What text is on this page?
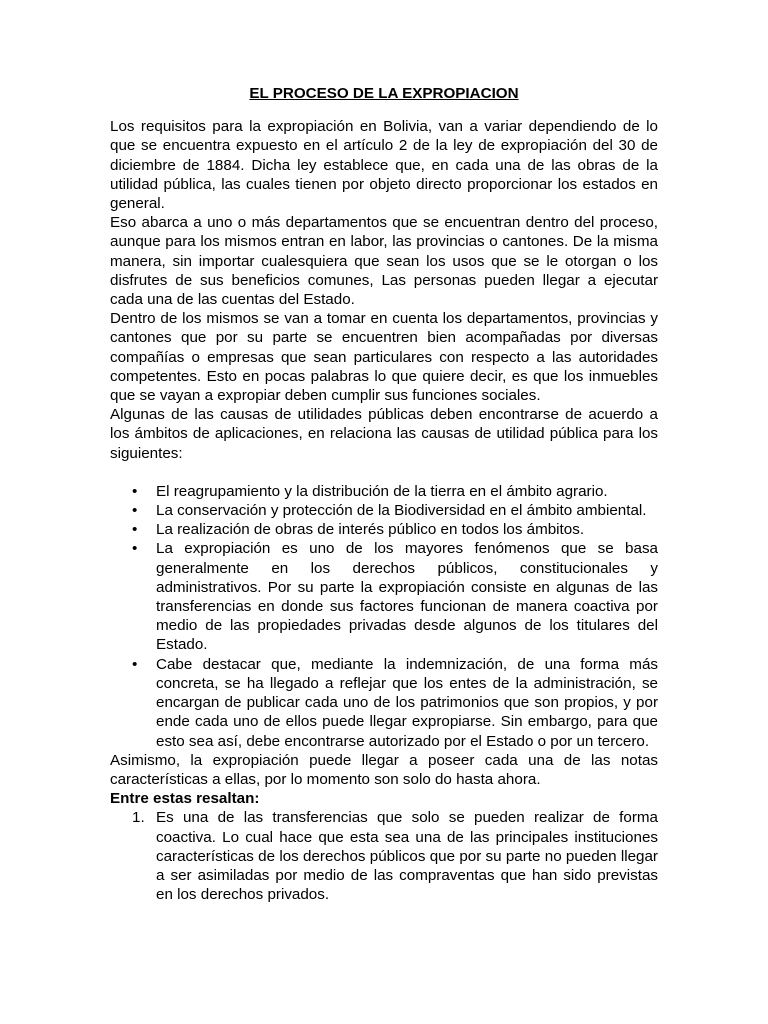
EL PROCESO DE LA EXPROPIACION

Los requisitos para la expropiación en Bolivia, van a variar dependiendo de lo que se encuentra expuesto en el artículo 2 de la ley de expropiación del 30 de diciembre de 1884. Dicha ley establece que, en cada una de las obras de la utilidad pública, las cuales tienen por objeto directo proporcionar los estados en general.

Eso abarca a uno o más departamentos que se encuentran dentro del proceso, aunque para los mismos entran en labor, las provincias o cantones. De la misma manera, sin importar cualesquiera que sean los usos que se le otorgan o los disfrutes de sus beneficios comunes, Las personas pueden llegar a ejecutar cada una de las cuentas del Estado.

Dentro de los mismos se van a tomar en cuenta los departamentos, provincias y cantones que por su parte se encuentren bien acompañadas por diversas compañías o empresas que sean particulares con respecto a las autoridades competentes. Esto en pocas palabras lo que quiere decir, es que los inmuebles que se vayan a expropiar deben cumplir sus funciones sociales.

Algunas de las causas de utilidades públicas deben encontrarse de acuerdo a los ámbitos de aplicaciones, en relaciona las causas de utilidad pública para los siguientes:

• El reagrupamiento y la distribución de la tierra en el ámbito agrario.
• La conservación y protección de la Biodiversidad en el ámbito ambiental.
• La realización de obras de interés público en todos los ámbitos.
• La expropiación es uno de los mayores fenómenos que se basa generalmente en los derechos públicos, constitucionales y administrativos. Por su parte la expropiación consiste en algunas de las transferencias en donde sus factores funcionan de manera coactiva por medio de las propiedades privadas desde algunos de los titulares del Estado.
• Cabe destacar que, mediante la indemnización, de una forma más concreta, se ha llegado a reflejar que los entes de la administración, se encargan de publicar cada uno de los patrimonios que son propios, y por ende cada uno de ellos puede llegar expropiarse. Sin embargo, para que esto sea así, debe encontrarse autorizado por el Estado o por un tercero.

Asimismo, la expropiación puede llegar a poseer cada una de las notas características a ellas, por lo momento son solo do hasta ahora.

Entre estas resaltan:

1. Es una de las transferencias que solo se pueden realizar de forma coactiva. Lo cual hace que esta sea una de las principales instituciones características de los derechos públicos que por su parte no pueden llegar a ser asimiladas por medio de las compraventas que han sido previstas en los derechos privados.
